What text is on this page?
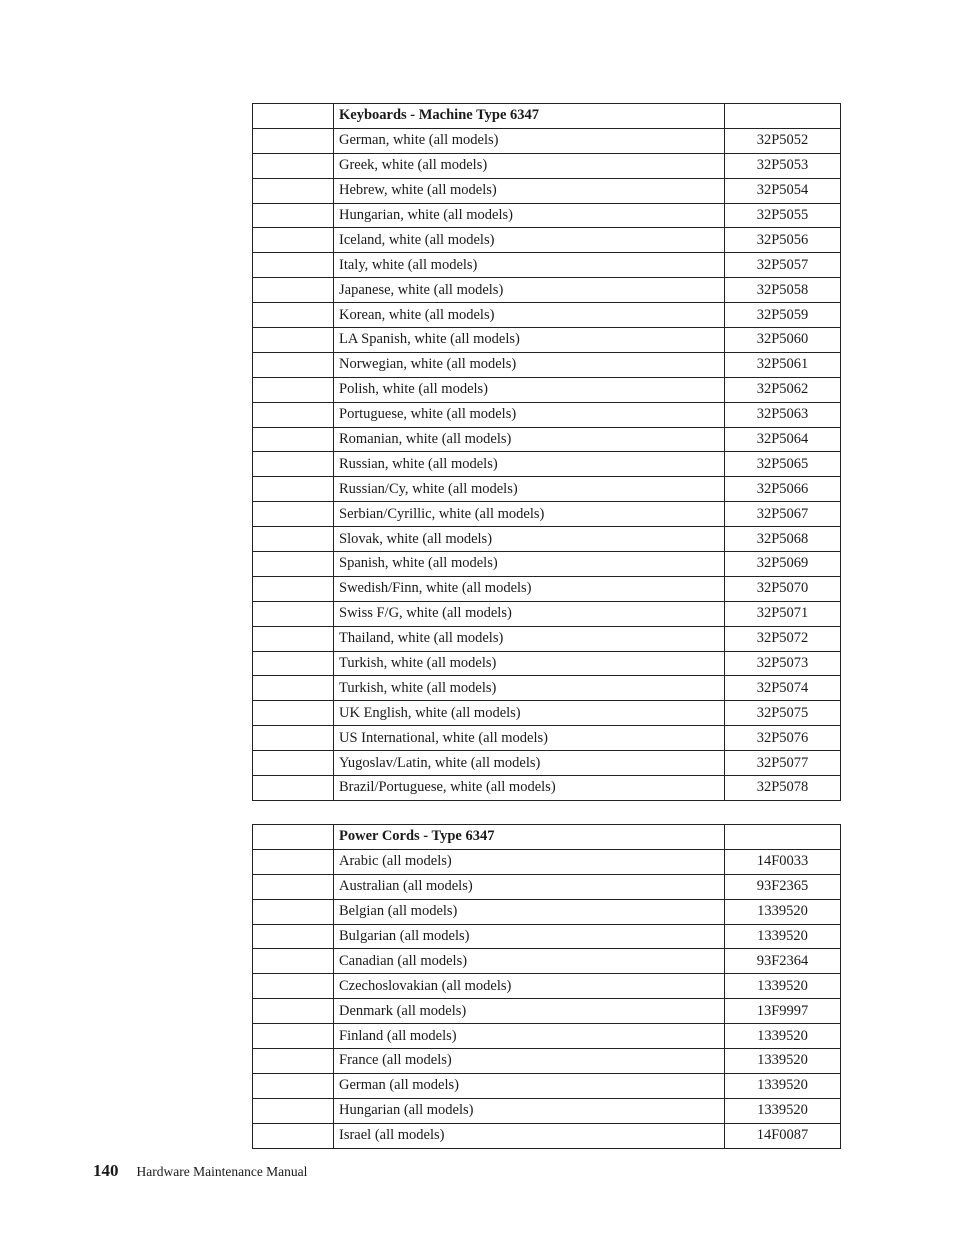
	Keyboards - Machine Type 6347	
	German, white (all models)	32P5052
	Greek, white (all models)	32P5053
	Hebrew, white (all models)	32P5054
	Hungarian, white (all models)	32P5055
	Iceland, white (all models)	32P5056
	Italy, white (all models)	32P5057
	Japanese, white (all models)	32P5058
	Korean, white (all models)	32P5059
	LA Spanish, white (all models)	32P5060
	Norwegian, white (all models)	32P5061
	Polish, white (all models)	32P5062
	Portuguese, white (all models)	32P5063
	Romanian, white (all models)	32P5064
	Russian, white (all models)	32P5065
	Russian/Cy, white (all models)	32P5066
	Serbian/Cyrillic, white (all models)	32P5067
	Slovak, white (all models)	32P5068
	Spanish, white (all models)	32P5069
	Swedish/Finn, white (all models)	32P5070
	Swiss F/G, white (all models)	32P5071
	Thailand, white (all models)	32P5072
	Turkish, white (all models)	32P5073
	Turkish, white (all models)	32P5074
	UK English, white (all models)	32P5075
	US International, white (all models)	32P5076
	Yugoslav/Latin, white (all models)	32P5077
	Brazil/Portuguese, white (all models)	32P5078
	Power Cords - Type 6347	
	Arabic (all models)	14F0033
	Australian (all models)	93F2365
	Belgian (all models)	1339520
	Bulgarian (all models)	1339520
	Canadian (all models)	93F2364
	Czechoslovakian (all models)	1339520
	Denmark (all models)	13F9997
	Finland (all models)	1339520
	France (all models)	1339520
	German (all models)	1339520
	Hungarian (all models)	1339520
	Israel (all models)	14F0087
140 Hardware Maintenance Manual
